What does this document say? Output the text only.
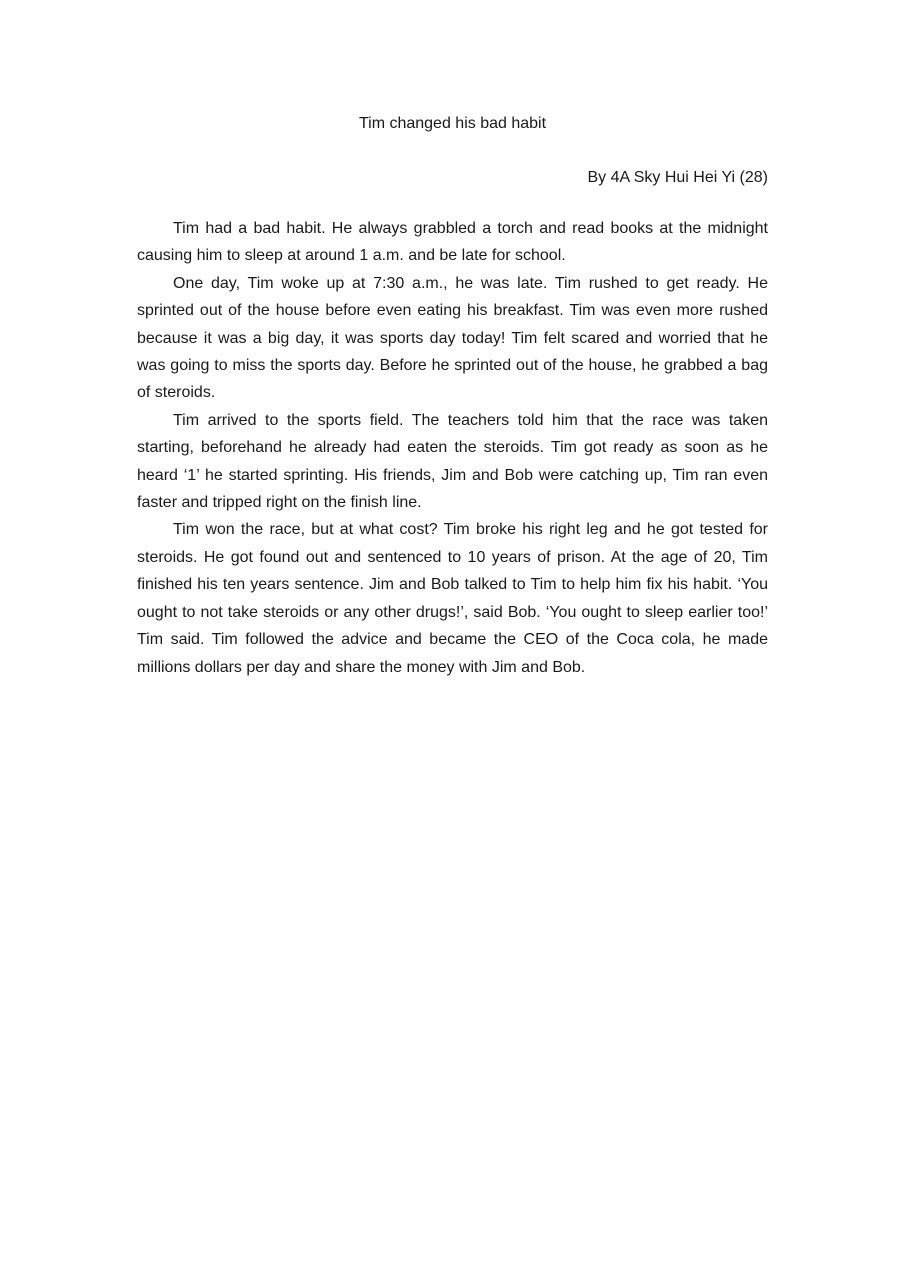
Tim changed his bad habit
By 4A Sky Hui Hei Yi (28)

Tim had a bad habit. He always grabbled a torch and read books at the midnight causing him to sleep at around 1 a.m. and be late for school.

One day, Tim woke up at 7:30 a.m., he was late. Tim rushed to get ready. He sprinted out of the house before even eating his breakfast. Tim was even more rushed because it was a big day, it was sports day today! Tim felt scared and worried that he was going to miss the sports day. Before he sprinted out of the house, he grabbed a bag of steroids.

Tim arrived to the sports field. The teachers told him that the race was taken starting, beforehand he already had eaten the steroids. Tim got ready as soon as he heard ‘1’ he started sprinting. His friends, Jim and Bob were catching up, Tim ran even faster and tripped right on the finish line.

Tim won the race, but at what cost? Tim broke his right leg and he got tested for steroids. He got found out and sentenced to 10 years of prison. At the age of 20, Tim finished his ten years sentence. Jim and Bob talked to Tim to help him fix his habit. ‘You ought to not take steroids or any other drugs!’, said Bob. ‘You ought to sleep earlier too!’ Tim said. Tim followed the advice and became the CEO of the Coca cola, he made millions dollars per day and share the money with Jim and Bob.
